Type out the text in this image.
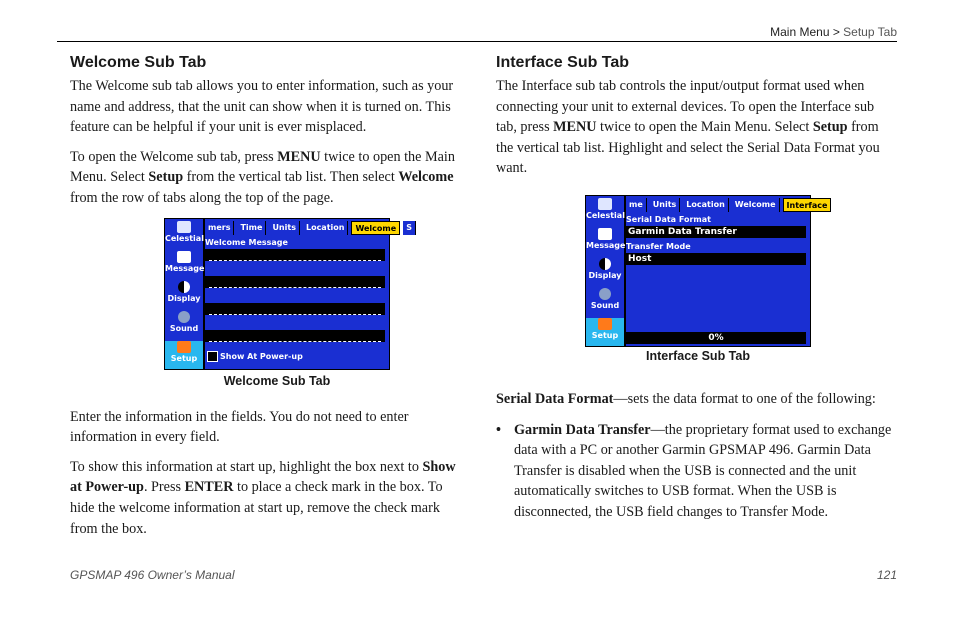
Main Menu > Setup Tab
Welcome Sub Tab

The Welcome sub tab allows you to enter information, such as your name and address, that the unit can show when it is turned on. This feature can be helpful if your unit is ever misplaced.

To open the Welcome sub tab, press MENU twice to open the Main Menu. Select Setup from the vertical tab list. Then select Welcome from the row of tabs along the top of the page.

Celestial
Message
Display
Sound
Setup
mers	Time	Units	Location	Welcome	S
Welcome Message
Show At Power-up
Welcome Sub Tab

Enter the information in the fields. You do not need to enter information in every field.

To show this information at start up, highlight the box next to Show at Power-up. Press ENTER to place a check mark in the box. To hide the welcome information at start up, remove the check mark from the box.

Interface Sub Tab

The Interface sub tab controls the input/output format used when connecting your unit to external devices. To open the Interface sub tab, press MENU twice to open the Main Menu. Select Setup from the vertical tab list. Highlight and select the Serial Data Format you want.

Celestial
Message
Display
Sound
Setup
me	Units	Location	Welcome	Interface
Serial Data Format
Garmin Data Transfer
Transfer Mode
Host
0%
Interface Sub Tab

Serial Data Format—sets the data format to one of the following:

• Garmin Data Transfer—the proprietary format used to exchange data with a PC or another Garmin GPSMAP 496. Garmin Data Transfer is disabled when the USB is connected and the unit automatically switches to USB format. When the USB is disconnected, the USB field changes to Transfer Mode.
GPSMAP 496 Owner’s Manual	121
